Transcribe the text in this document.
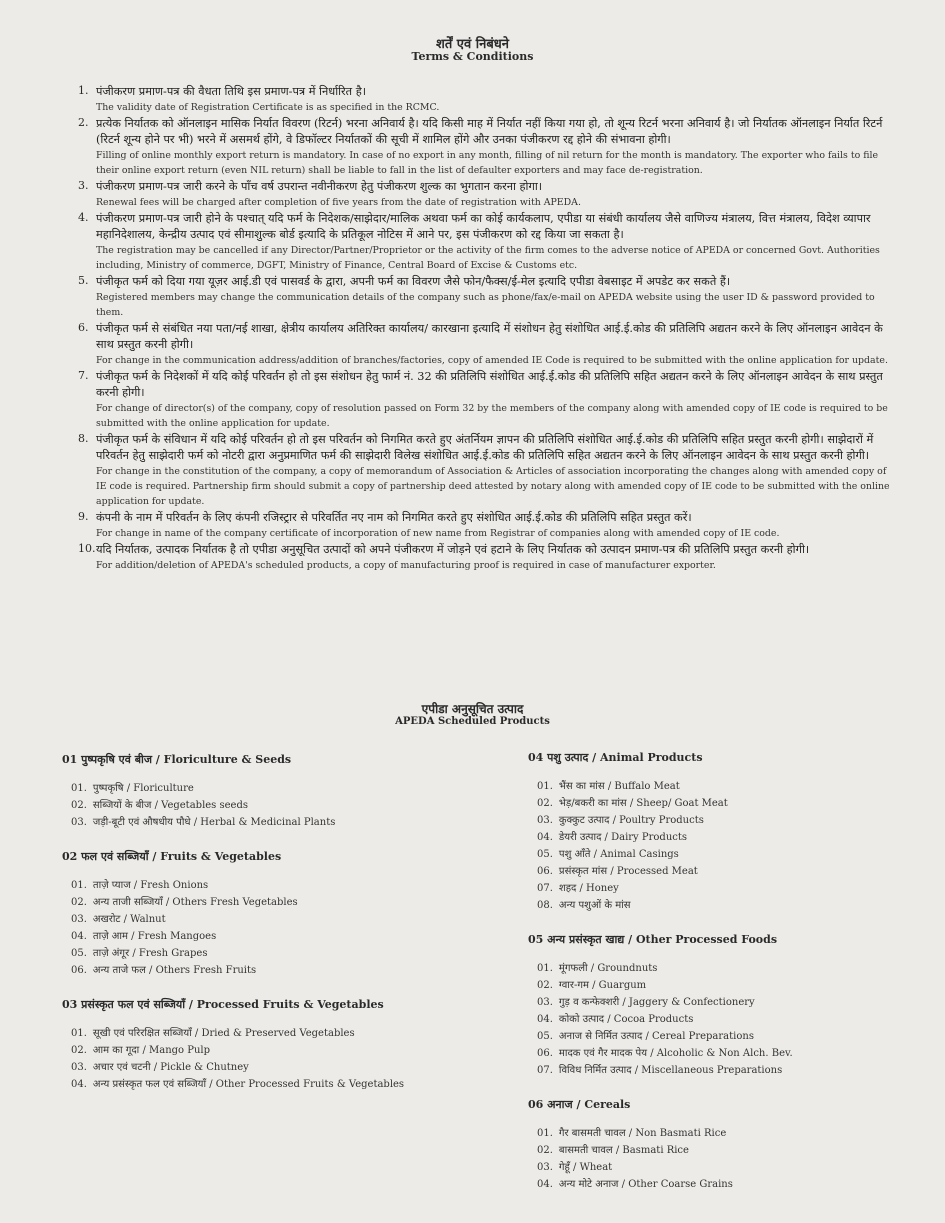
शर्तें एवं निबंधने
Terms & Conditions
1. पंजीकरण प्रमाण-पत्र की वैधता तिथि इस प्रमाण-पत्र में निर्धारित है।
The validity date of Registration Certificate is as specified in the RCMC.
2. प्रत्येक निर्यातक को ऑनलाइन मासिक निर्यात विवरण (रिटर्न) भरना अनिवार्य है। यदि किसी माह में निर्यात नहीं किया गया हो, तो शून्य रिटर्न भरना अनिवार्य है। जो निर्यातक ऑनलाइन निर्यात रिटर्न (रिटर्न शून्य होने पर भी) भरने में असमर्थ होंगे, वे डिफॉल्टर निर्यातकों की सूची में शामिल होंगे और उनका पंजीकरण रद्द होने की संभावना होगी।
Filling of online monthly export return is mandatory. In case of no export in any month, filling of nil return for the month is mandatory. The exporter who fails to file their online export return (even NIL return) shall be liable to fall in the list of defaulter exporters and may face de-registration.
3. पंजीकरण प्रमाण-पत्र जारी करने के पाँच वर्ष उपरान्त नवीनीकरण हेतु पंजीकरण शुल्क का भुगतान करना होगा।
Renewal fees will be charged after completion of five years from the date of registration with APEDA.
4. पंजीकरण प्रमाण-पत्र जारी होने के पश्चात् यदि फर्म के निदेशक/साझेदार/मालिक अथवा फर्म का कोई कार्यकलाप, एपीडा या संबंधी कार्यालय जैसे वाणिज्य मंत्रालय, वित्त मंत्रालय, विदेश व्यापार महानिदेशालय, केन्द्रीय उत्पाद एवं सीमाशुल्क बोर्ड इत्यादि के प्रतिकूल नोटिस में आने पर, इस पंजीकरण को रद्द किया जा सकता है।
The registration may be cancelled if any Director/Partner/Proprietor or the activity of the firm comes to the adverse notice of APEDA or concerned Govt. Authorities including, Ministry of commerce, DGFT, Ministry of Finance, Central Board of Excise & Customs etc.
5. पंजीकृत फर्म को दिया गया यूज़र आई.डी एवं पासवर्ड के द्वारा, अपनी फर्म का विवरण जैसे फोन/फैक्स/ई-मेल इत्यादि एपीडा वेबसाइट में अपडेट कर सकते हैं।
Registered members may change the communication details of the company such as phone/fax/e-mail on APEDA website using the user ID & password provided to them.
6. पंजीकृत फर्म से संबंधित नया पता/नई शाखा, क्षेत्रीय कार्यालय अतिरिक्त कार्यालय/ कारखाना इत्यादि में संशोधन हेतु संशोधित आई.ई.कोड की प्रतिलिपि अद्यतन करने के लिए ऑनलाइन आवेदन के साथ प्रस्तुत करनी होगी।
For change in the communication address/addition of branches/factories, copy of amended IE Code is required to be submitted with the online application for update.
7. पंजीकृत फर्म के निदेशकों में यदि कोई परिवर्तन हो तो इस संशोधन हेतु फार्म नं. 32 की प्रतिलिपि संशोधित आई.ई.कोड की प्रतिलिपि सहित अद्यतन करने के लिए ऑनलाइन आवेदन के साथ प्रस्तुत करनी होगी।
For change of director(s) of the company, copy of resolution passed on Form 32 by the members of the company along with amended copy of IE code is required to be submitted with the online application for update.
8. पंजीकृत फर्म के संविधान में यदि कोई परिवर्तन हो तो इस परिवर्तन को निगमित करते हुए अंतर्नियम ज्ञापन की प्रतिलिपि संशोधित आई.ई.कोड की प्रतिलिपि सहित प्रस्तुत करनी होगी। साझेदारों में परिवर्तन हेतु साझेदारी फर्म को नोटरी द्वारा अनुप्रमाणित फर्म की साझेदारी विलेख संशोधित आई.ई.कोड की प्रतिलिपि सहित अद्यतन करने के लिए ऑनलाइन आवेदन के साथ प्रस्तुत करनी होगी।
For change in the constitution of the company, a copy of memorandum of Association & Articles of association incorporating the changes along with amended copy of IE code is required. Partnership firm should submit a copy of partnership deed attested by notary along with amended copy of IE code to be submitted with the online application for update.
9. कंपनी के नाम में परिवर्तन के लिए कंपनी रजिस्ट्रार से परिवर्तित नए नाम को निगमित करते हुए संशोधित आई.ई.कोड की प्रतिलिपि सहित प्रस्तुत करें।
For change in name of the company certificate of incorporation of new name from Registrar of companies along with amended copy of IE code.
10. यदि निर्यातक, उत्पादक निर्यातक है तो एपीडा अनुसूचित उत्पादों को अपने पंजीकरण में जोड़ने एवं हटाने के लिए निर्यातक को उत्पादन प्रमाण-पत्र की प्रतिलिपि प्रस्तुत करनी होगी।
For addition/deletion of APEDA's scheduled products, a copy of manufacturing proof is required in case of manufacturer exporter.
एपीडा अनुसूचित उत्पाद
APEDA Scheduled Products
01 पुष्पकृषि एवं बीज / Floriculture & Seeds
01. पुष्पकृषि / Floriculture
02. सब्जियों के बीज / Vegetables seeds
03. जड़ी-बूटी एवं औषधीय पौधे / Herbal & Medicinal Plants
02 फल एवं सब्जियाँ / Fruits & Vegetables
01. ताज़े प्याज / Fresh Onions
02. अन्य ताजी सब्जियाँ / Others Fresh Vegetables
03. अखरोट / Walnut
04. ताज़े आम / Fresh Mangoes
05. ताज़े अंगूर / Fresh Grapes
06. अन्य ताजे फल / Others Fresh Fruits
03 प्रसंस्कृत फल एवं सब्जियाँ / Processed Fruits & Vegetables
01. सूखी एवं परिरक्षित सब्जियाँ / Dried & Preserved Vegetables
02. आम का गूदा / Mango Pulp
03. अचार एवं चटनी / Pickle & Chutney
04. अन्य प्रसंस्कृत फल एवं सब्जियाँ / Other Processed Fruits & Vegetables
04 पशु उत्पाद / Animal Products
01. भैंस का मांस / Buffalo Meat
02. भेड़/बकरी का मांस / Sheep/ Goat Meat
03. कुक्कुट उत्पाद / Poultry Products
04. डेयरी उत्पाद / Dairy Products
05. पशु आँते / Animal Casings
06. प्रसंस्कृत मांस / Processed Meat
07. शहद / Honey
08. अन्य पशुओं के मांस
05 अन्य प्रसंस्कृत खाद्य / Other Processed Foods
01. मूंगफली / Groundnuts
02. ग्वार-गम / Guargum
03. गुड़ व कन्फेक्शरी / Jaggery & Confectionery
04. कोको उत्पाद / Cocoa Products
05. अनाज से निर्मित उत्पाद / Cereal Preparations
06. मादक एवं गैर मादक पेय / Alcoholic & Non Alch. Bev.
07. विविध निर्मित उत्पाद / Miscellaneous Preparations
06 अनाज / Cereals
01. गैर बासमती चावल / Non Basmati Rice
02. बासमती चावल / Basmati Rice
03. गेहूँ / Wheat
04. अन्य मोटे अनाज / Other Coarse Grains
